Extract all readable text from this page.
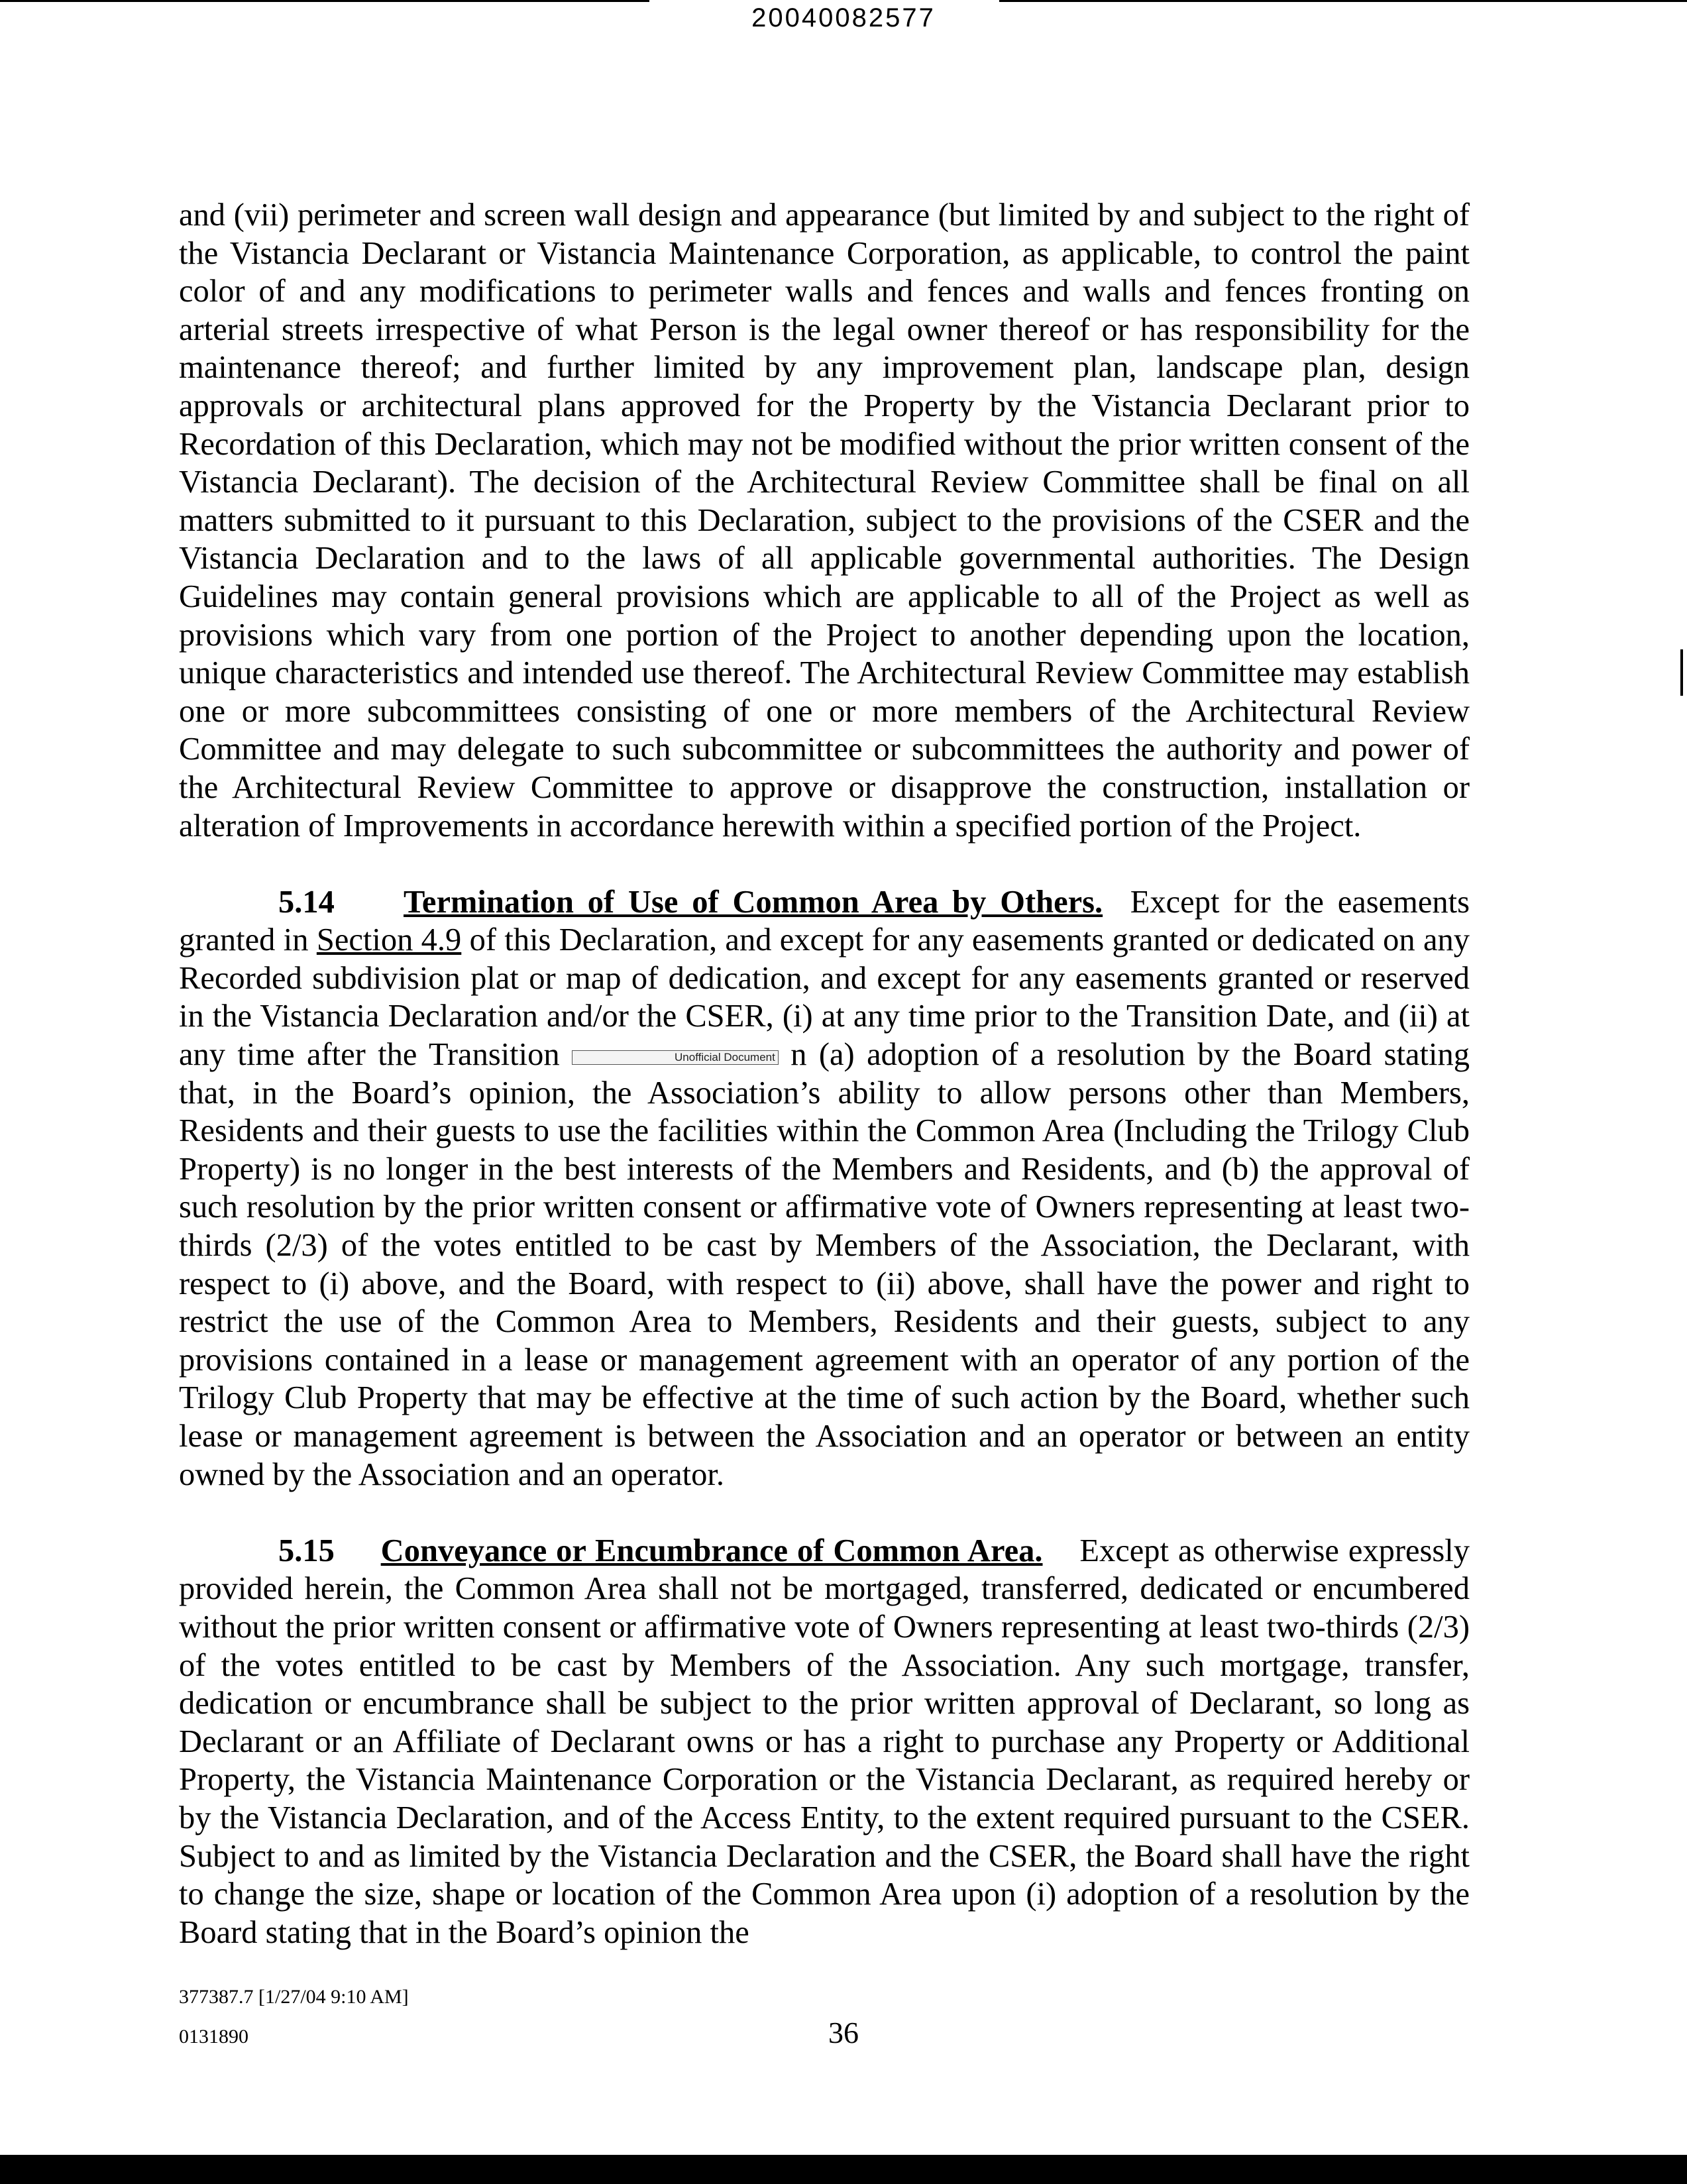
20040082577

and (vii) perimeter and screen wall design and appearance (but limited by and subject to the right of the Vistancia Declarant or Vistancia Maintenance Corporation, as applicable, to control the paint color of and any modifications to perimeter walls and fences and walls and fences fronting on arterial streets irrespective of what Person is the legal owner thereof or has responsibility for the maintenance thereof; and further limited by any improvement plan, landscape plan, design approvals or architectural plans approved for the Property by the Vistancia Declarant prior to Recordation of this Declaration, which may not be modified without the prior written consent of the Vistancia Declarant). The decision of the Architectural Review Committee shall be final on all matters submitted to it pursuant to this Declaration, subject to the provisions of the CSER and the Vistancia Declaration and to the laws of all applicable governmental authorities. The Design Guidelines may contain general provisions which are applicable to all of the Project as well as provisions which vary from one portion of the Project to another depending upon the location, unique characteristics and intended use thereof. The Architectural Review Committee may establish one or more subcommittees consisting of one or more members of the Architectural Review Committee and may delegate to such subcommittee or subcommittees the authority and power of the Architectural Review Committee to approve or disapprove the construction, installation or alteration of Improvements in accordance herewith within a specified portion of the Project.

5.14 Termination of Use of Common Area by Others. Except for the easements granted in Section 4.9 of this Declaration, and except for any easements granted or dedicated on any Recorded subdivision plat or map of dedication, and except for any easements granted or reserved in the Vistancia Declaration and/or the CSER, (i) at any time prior to the Transition Date, and (ii) at any time after the Transition	Unofficial Document n (a) adoption of a resolution by the Board stating that, in the Board’s opinion, the Association’s ability to allow persons other than Members, Residents and their guests to use the facilities within the Common Area (Including the Trilogy Club Property) is no longer in the best interests of the Members and Residents, and (b) the approval of such resolution by the prior written consent or affirmative vote of Owners representing at least two-thirds (2/3) of the votes entitled to be cast by Members of the Association, the Declarant, with respect to (i) above, and the Board, with respect to (ii) above, shall have the power and right to restrict the use of the Common Area to Members, Residents and their guests, subject to any provisions contained in a lease or management agreement with an operator of any portion of the Trilogy Club Property that may be effective at the time of such action by the Board, whether such lease or management agreement is between the Association and an operator or between an entity owned by the Association and an operator.

5.15 Conveyance or Encumbrance of Common Area. Except as otherwise expressly provided herein, the Common Area shall not be mortgaged, transferred, dedicated or encumbered without the prior written consent or affirmative vote of Owners representing at least two-thirds (2/3) of the votes entitled to be cast by Members of the Association. Any such mortgage, transfer, dedication or encumbrance shall be subject to the prior written approval of Declarant, so long as Declarant or an Affiliate of Declarant owns or has a right to purchase any Property or Additional Property, the Vistancia Maintenance Corporation or the Vistancia Declarant, as required hereby or by the Vistancia Declaration, and of the Access Entity, to the extent required pursuant to the CSER. Subject to and as limited by the Vistancia Declaration and the CSER, the Board shall have the right to change the size, shape or location of the Common Area upon (i) adoption of a resolution by the Board stating that in the Board’s opinion the

377387.7 [1/27/04 9:10 AM]
0131890	36
